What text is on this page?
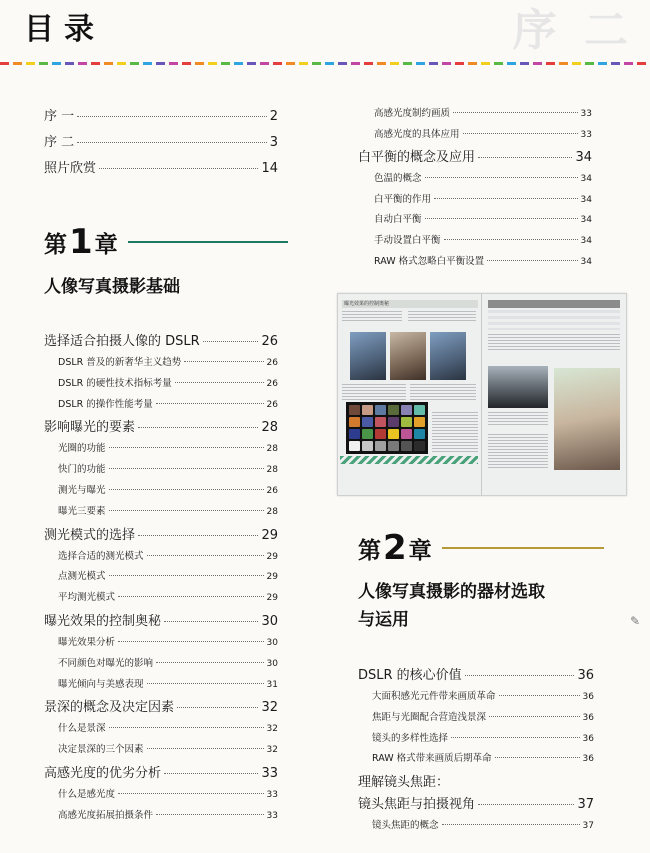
目录	序 二
序 一	2
序 二	3
照片欣赏	14
第 1 章
人像写真摄影基础
选择适合拍摄人像的 DSLR	26
DSLR 普及的新奢华主义趋势	26
DSLR 的硬性技术指标考量	26
DSLR 的操作性能考量	26
影响曝光的要素	28
光圈的功能	28
快门的功能	28
测光与曝光	26
曝光三要素	28
测光模式的选择	29
选择合适的测光模式	29
点测光模式	29
平均测光模式	29
曝光效果的控制奥秘	30
曝光效果分析	30
不同颜色对曝光的影响	30
曝光倾向与美感表现	31
景深的概念及决定因素	32
什么是景深	32
决定景深的三个因素	32
高感光度的优劣分析	33
什么是感光度	33
高感光度拓展拍摄条件	33
高感光度制约画质	33
高感光度的具体应用	33
白平衡的概念及应用	34
色温的概念	34
白平衡的作用	34
自动白平衡	34
手动设置白平衡	34
RAW 格式忽略白平衡设置	34
曝光效果的控制奥秘
第 2 章
人像写真摄影的器材选取
与运用	✎
DSLR 的核心价值	36
大面积感光元件带来画质革命	36
焦距与光圈配合营造浅景深	36
镜头的多样性选择	36
RAW 格式带来画质后期革命	36
理解镜头焦距：
镜头焦距与拍摄视角	37
镜头焦距的概念	37
